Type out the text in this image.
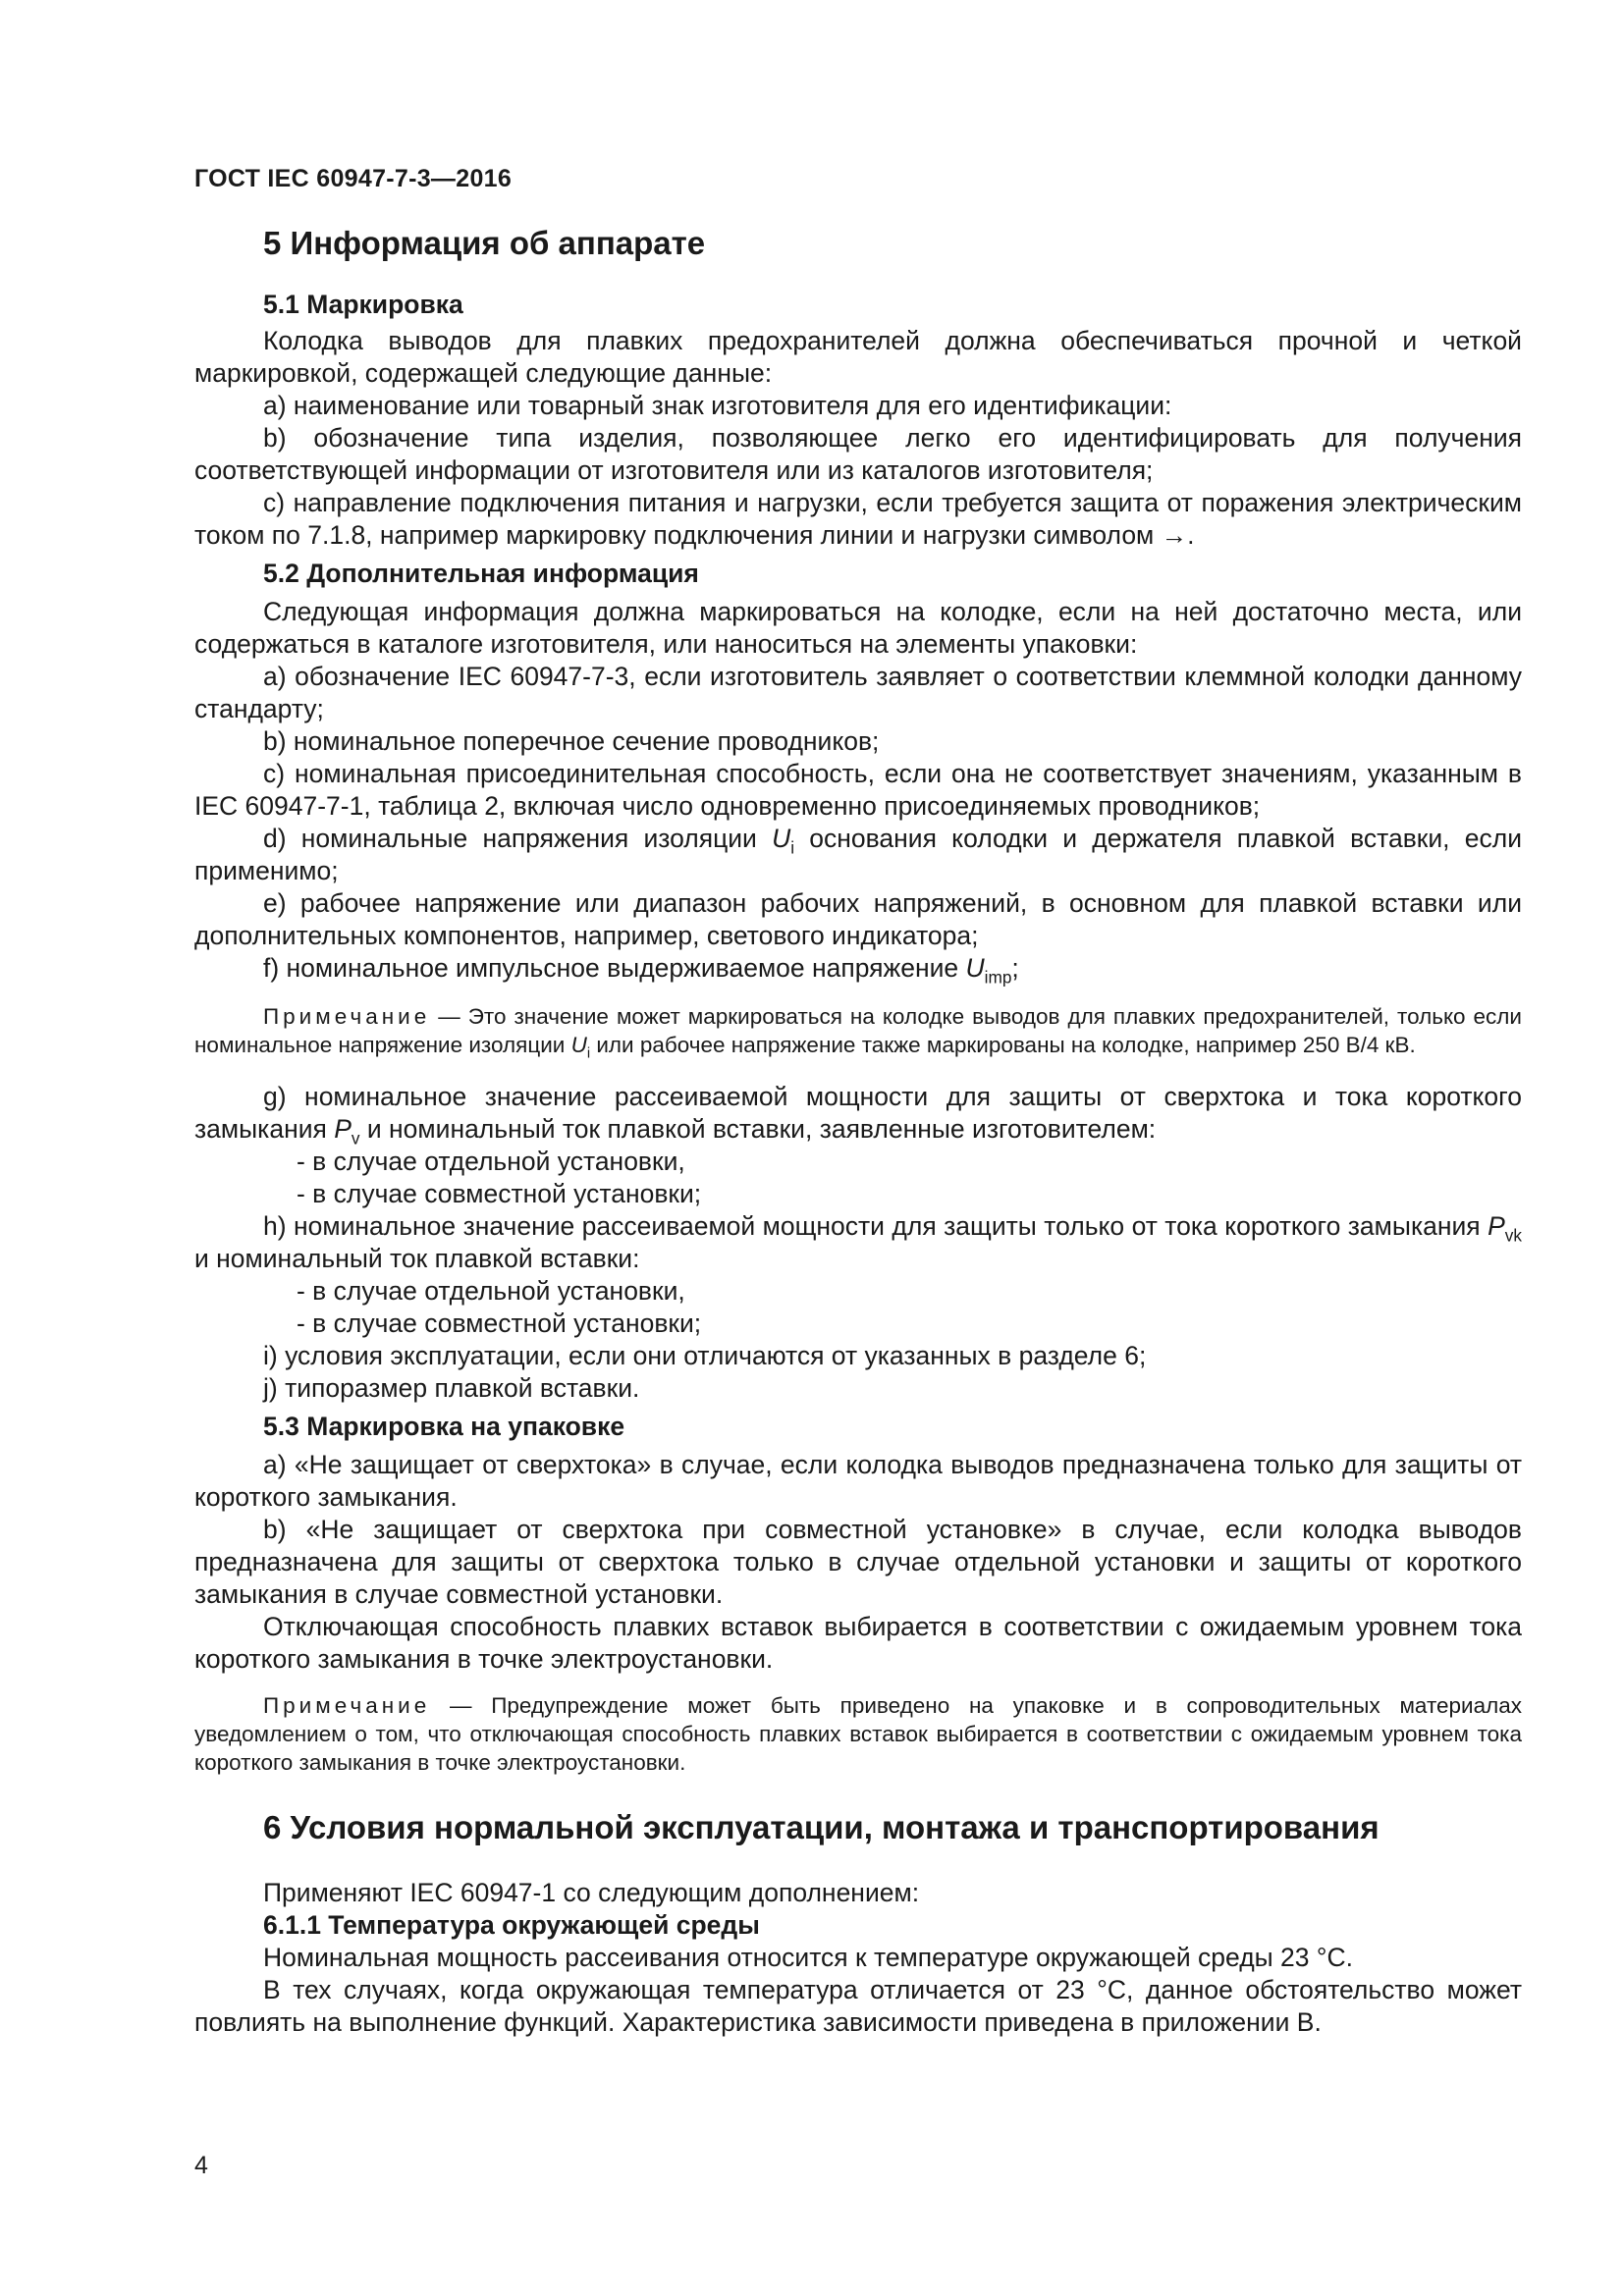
ГОСТ IEC 60947-7-3—2016

5 Информация об аппарате

5.1 Маркировка

Колодка выводов для плавких предохранителей должна обеспечиваться прочной и четкой маркировкой, содержащей следующие данные:

а) наименование или товарный знак изготовителя для его идентификации:

b) обозначение типа изделия, позволяющее легко его идентифицировать для получения соответствующей информации от изготовителя или из каталогов изготовителя;

c) направление подключения питания и нагрузки, если требуется защита от поражения электрическим током по 7.1.8, например маркировку подключения линии и нагрузки символом →.

5.2 Дополнительная информация

Следующая информация должна маркироваться на колодке, если на ней достаточно места, или содержаться в каталоге изготовителя, или наноситься на элементы упаковки:

а) обозначение IEC 60947-7-3, если изготовитель заявляет о соответствии клеммной колодки данному стандарту;

b) номинальное поперечное сечение проводников;

c) номинальная присоединительная способность, если она не соответствует значениям, указанным в IEC 60947-7-1, таблица 2, включая число одновременно присоединяемых проводников;

d) номинальные напряжения изоляции $U_i$ основания колодки и держателя плавкой вставки, если применимо;

e) рабочее напряжение или диапазон рабочих напряжений, в основном для плавкой вставки или дополнительных компонентов, например, светового индикатора;

f) номинальное импульсное выдерживаемое напряжение $U_{imp}$;

Примечание — Это значение может маркироваться на колодке выводов для плавких предохранителей, только если номинальное напряжение изоляции $U_i$ или рабочее напряжение также маркированы на колодке, например 250 В/4 кВ.

g) номинальное значение рассеиваемой мощности для защиты от сверхтока и тока короткого замыкания $P_v$ и номинальный ток плавкой вставки, заявленные изготовителем:

- в случае отдельной установки,

- в случае совместной установки;

h) номинальное значение рассеиваемой мощности для защиты только от тока короткого замыкания $P_{vk}$ и номинальный ток плавкой вставки:

- в случае отдельной установки,

- в случае совместной установки;

i) условия эксплуатации, если они отличаются от указанных в разделе 6;

j) типоразмер плавкой вставки.

5.3 Маркировка на упаковке

а) «Не защищает от сверхтока» в случае, если колодка выводов предназначена только для защиты от короткого замыкания.

b) «Не защищает от сверхтока при совместной установке» в случае, если колодка выводов предназначена для защиты от сверхтока только в случае отдельной установки и защиты от короткого замыкания в случае совместной установки.

Отключающая способность плавких вставок выбирается в соответствии с ожидаемым уровнем тока короткого замыкания в точке электроустановки.

Примечание — Предупреждение может быть приведено на упаковке и в сопроводительных материалах уведомлением о том, что отключающая способность плавких вставок выбирается в соответствии с ожидаемым уровнем тока короткого замыкания в точке электроустановки.

6 Условия нормальной эксплуатации, монтажа и транспортирования

Применяют IEC 60947-1 со следующим дополнением:

6.1.1 Температура окружающей среды

Номинальная мощность рассеивания относится к температуре окружающей среды 23 °С.

В тех случаях, когда окружающая температура отличается от 23 °С, данное обстоятельство может повлиять на выполнение функций. Характеристика зависимости приведена в приложении В.

4
